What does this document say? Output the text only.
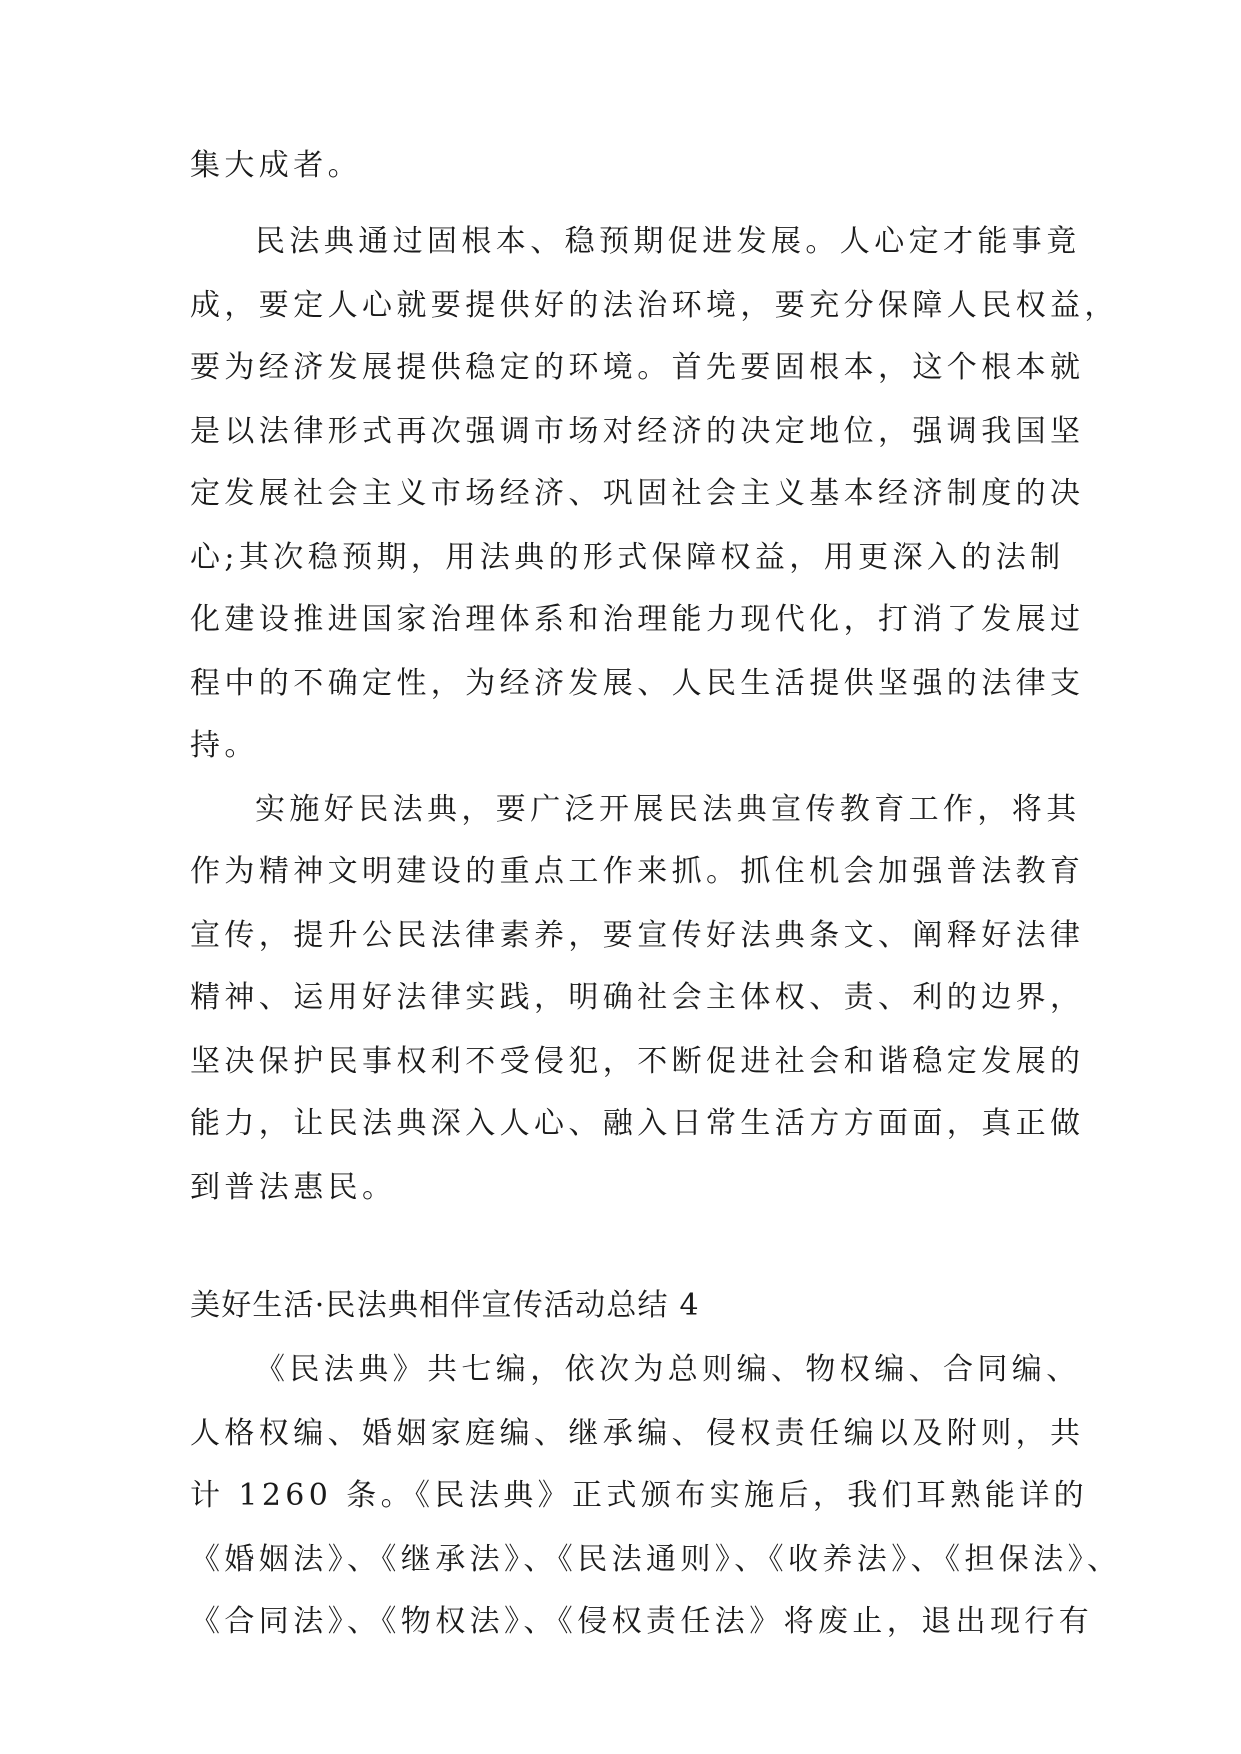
集大成者。

民法典通过固根本、稳预期促进发展。人心定才能事竟

成，要定人心就要提供好的法治环境，要充分保障人民权益，

要为经济发展提供稳定的环境。首先要固根本，这个根本就

是以法律形式再次强调市场对经济的决定地位，强调我国坚

定发展社会主义市场经济、巩固社会主义基本经济制度的决

心;其次稳预期，用法典的形式保障权益，用更深入的法制

化建设推进国家治理体系和治理能力现代化，打消了发展过

程中的不确定性，为经济发展、人民生活提供坚强的法律支

持。

实施好民法典，要广泛开展民法典宣传教育工作，将其

作为精神文明建设的重点工作来抓。抓住机会加强普法教育

宣传，提升公民法律素养，要宣传好法典条文、阐释好法律

精神、运用好法律实践，明确社会主体权、责、利的边界，

坚决保护民事权利不受侵犯，不断促进社会和谐稳定发展的

能力，让民法典深入人心、融入日常生活方方面面，真正做

到普法惠民。

美好生活·民法典相伴宣传活动总结 4

《民法典》共七编，依次为总则编、物权编、合同编、

人格权编、婚姻家庭编、继承编、侵权责任编以及附则，共

计 1260 条。《民法典》正式颁布实施后，我们耳熟能详的

《婚姻法》、《继承法》、《民法通则》、《收养法》、《担保法》、

《合同法》、《物权法》、《侵权责任法》将废止，退出现行有
